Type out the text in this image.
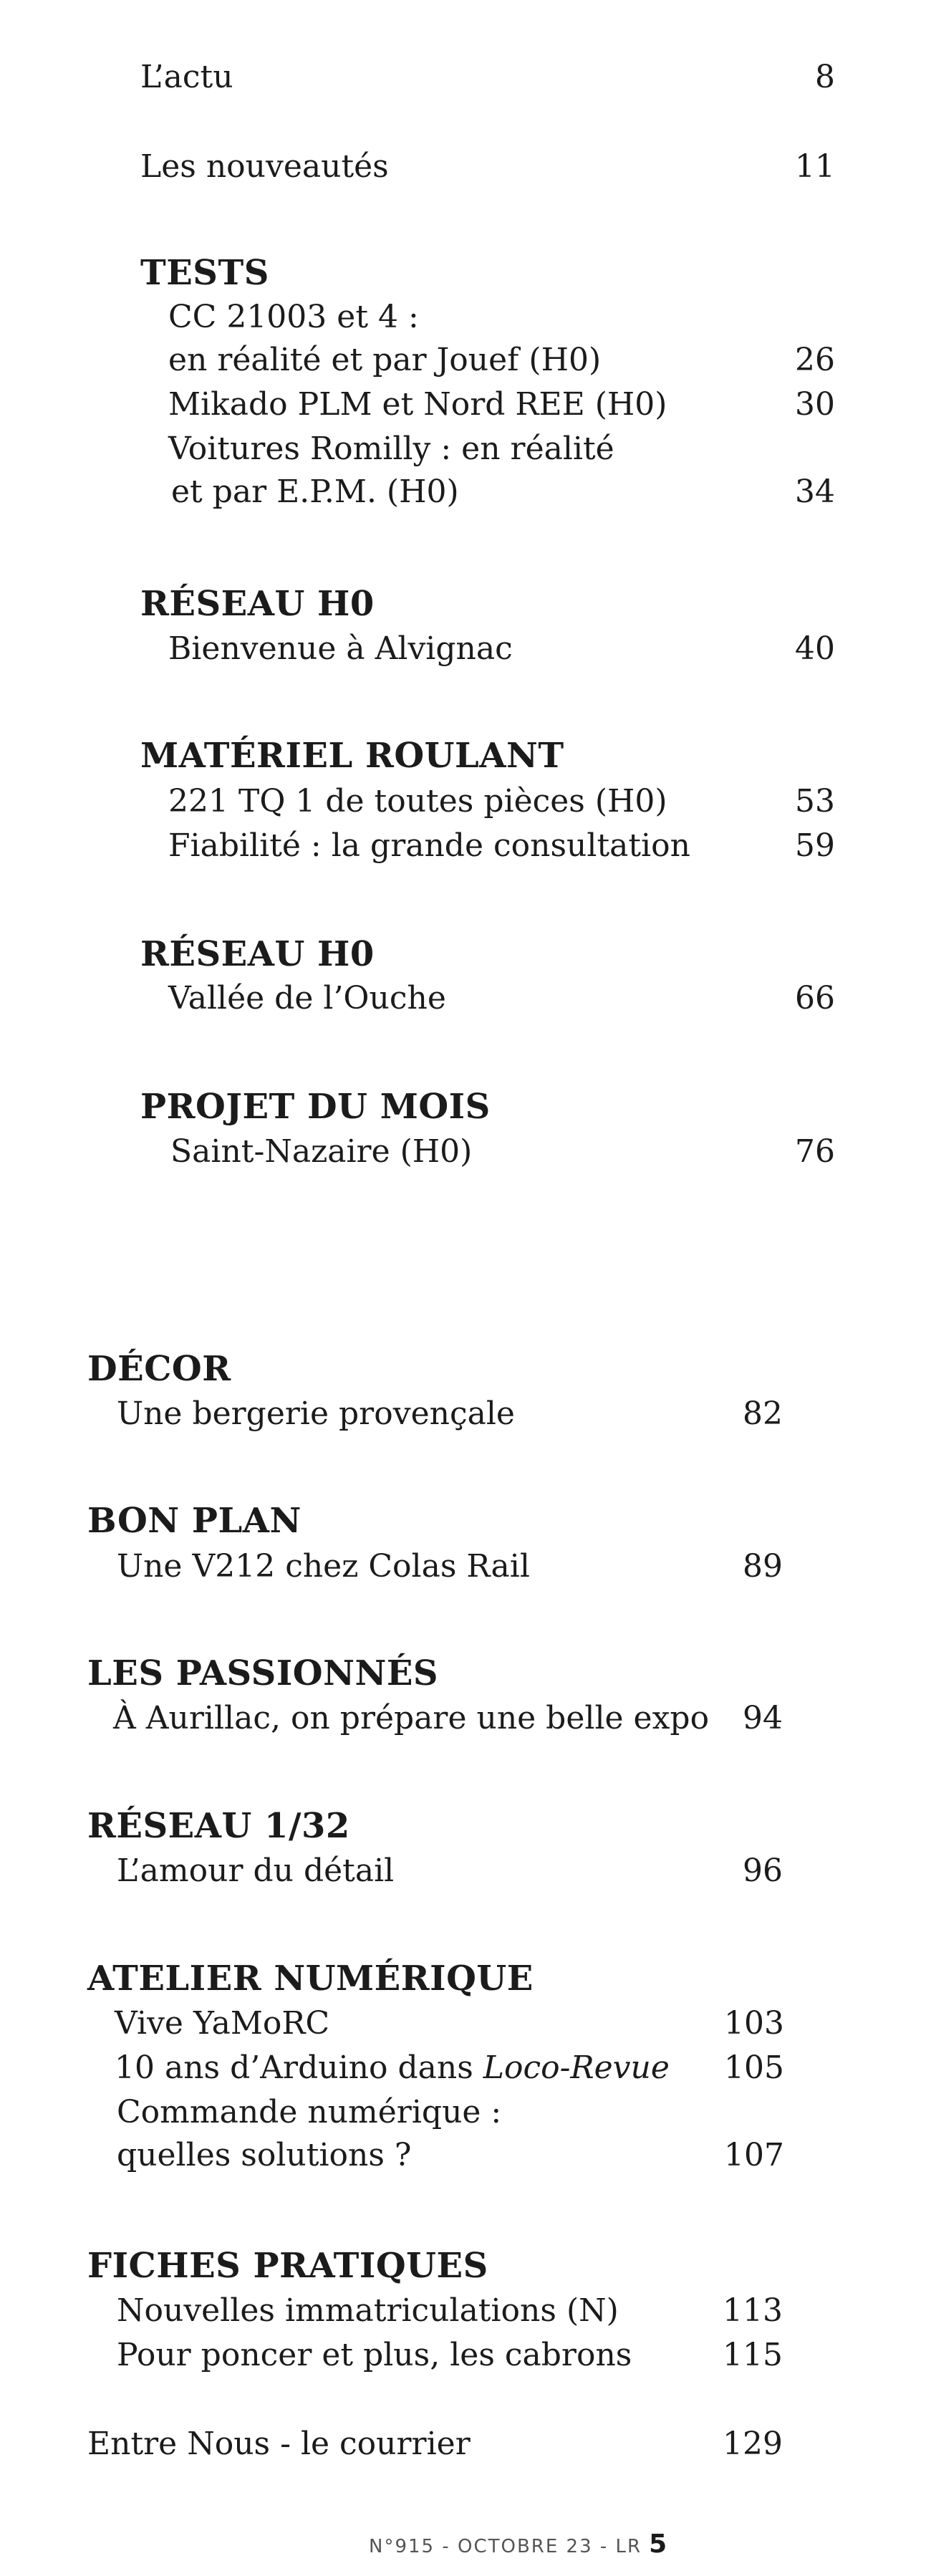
L’actu	8
Les nouveautés	11
TESTS
CC 21003 et 4 :
en réalité et par Jouef (H0)	26
Mikado PLM et Nord REE (H0)	30
Voitures Romilly : en réalité
et par E.P.M. (H0)	34
RÉSEAU H0
Bienvenue à Alvignac	40
MATÉRIEL ROULANT
221 TQ 1 de toutes pièces (H0)	53
Fiabilité : la grande consultation	59
RÉSEAU H0
Vallée de l’Ouche	66
PROJET DU MOIS
Saint-Nazaire (H0)	76
DÉCOR
Une bergerie provençale	82
BON PLAN
Une V212 chez Colas Rail	89
LES PASSIONNÉS
À Aurillac, on prépare une belle expo 94
RÉSEAU 1/32
L’amour du détail	96
ATELIER NUMÉRIQUE
Vive YaMoRC	103
10 ans d’Arduino dans Loco-Revue 105
Commande numérique :
quelles solutions ?	107
FICHES PRATIQUES
Nouvelles immatriculations (N)	113
Pour poncer et plus, les cabrons	115
Entre Nous - le courrier	129
N°915 - OCTOBRE 23 - LR 5
